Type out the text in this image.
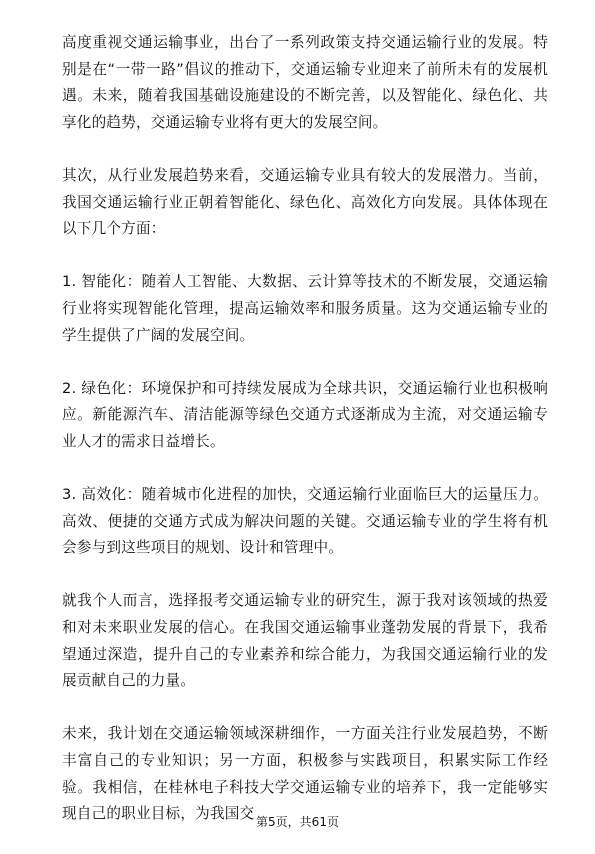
高度重视交通运输事业，出台了一系列政策支持交通运输行业的发展。特别是在“一带一路”倡议的推动下，交通运输专业迎来了前所未有的发展机遇。未来，随着我国基础设施建设的不断完善，以及智能化、绿色化、共享化的趋势，交通运输专业将有更大的发展空间。

其次，从行业发展趋势来看，交通运输专业具有较大的发展潜力。当前，我国交通运输行业正朝着智能化、绿色化、高效化方向发展。具体体现在以下几个方面：

1. 智能化：随着人工智能、大数据、云计算等技术的不断发展，交通运输行业将实现智能化管理，提高运输效率和服务质量。这为交通运输专业的学生提供了广阔的发展空间。

2. 绿色化：环境保护和可持续发展成为全球共识，交通运输行业也积极响应。新能源汽车、清洁能源等绿色交通方式逐渐成为主流，对交通运输专业人才的需求日益增长。

3. 高效化：随着城市化进程的加快，交通运输行业面临巨大的运量压力。高效、便捷的交通方式成为解决问题的关键。交通运输专业的学生将有机会参与到这些项目的规划、设计和管理中。

就我个人而言，选择报考交通运输专业的研究生，源于我对该领域的热爱和对未来职业发展的信心。在我国交通运输事业蓬勃发展的背景下，我希望通过深造，提升自己的专业素养和综合能力，为我国交通运输行业的发展贡献自己的力量。

未来，我计划在交通运输领域深耕细作，一方面关注行业发展趋势，不断丰富自己的专业知识；另一方面，积极参与实践项目，积累实际工作经验。我相信，在桂林电子科技大学交通运输专业的培养下，我一定能够实现自己的职业目标，为我国交 第5页，共61页
